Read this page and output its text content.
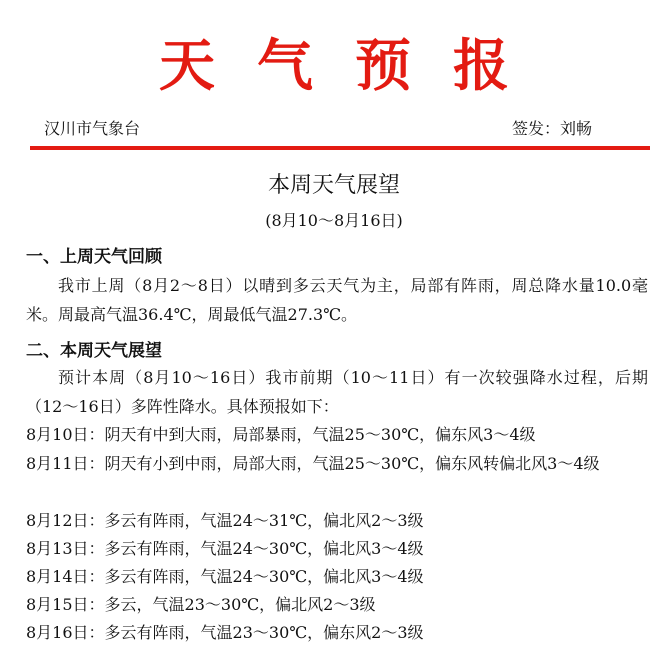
天气预报
汉川市气象台	签发：刘畅
本周天气展望
(8月10～8月16日)
一、上周天气回顾
我市上周（8月2～8日）以晴到多云天气为主，局部有阵雨，周总降水量10.0毫米。周最高气温36.4℃，周最低气温27.3℃。
二、本周天气展望
预计本周（8月10～16日）我市前期（10～11日）有一次较强降水过程，后期（12～16日）多阵性降水。具体预报如下：
8月10日：阴天有中到大雨，局部暴雨，气温25～30℃，偏东风3～4级
8月11日：阴天有小到中雨，局部大雨，气温25～30℃，偏东风转偏北风3～4级
8月12日：多云有阵雨，气温24～31℃，偏北风2～3级
8月13日：多云有阵雨，气温24～30℃，偏北风3～4级
8月14日：多云有阵雨，气温24～30℃，偏北风3～4级
8月15日：多云，气温23～30℃，偏北风2～3级
8月16日：多云有阵雨，气温23～30℃，偏东风2～3级
